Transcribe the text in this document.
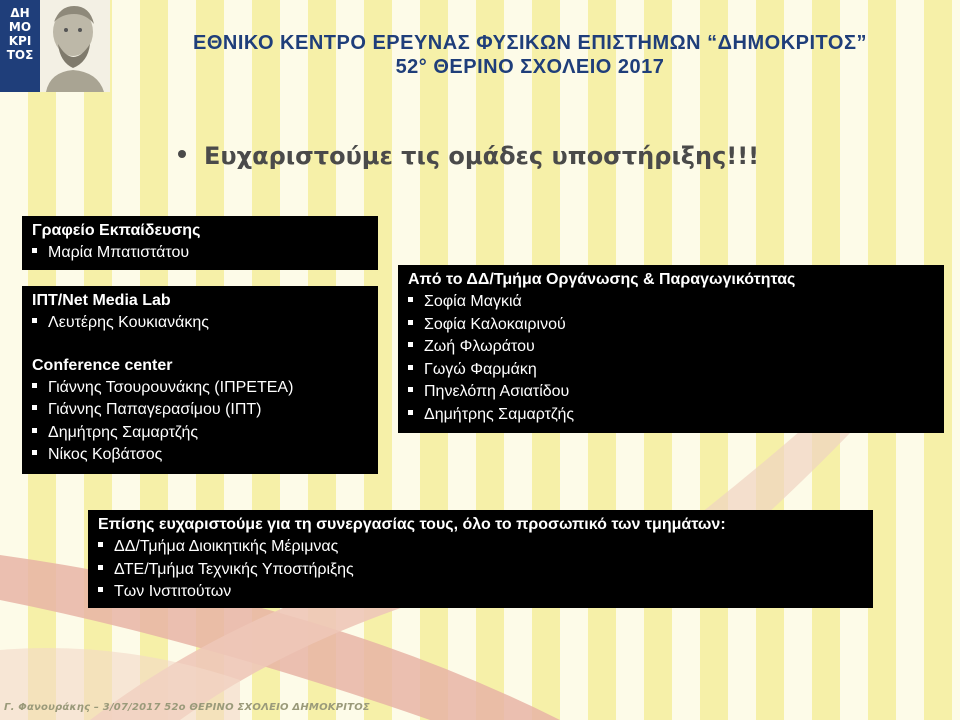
ΔΗ
ΜΟ
ΚΡΙ
ΤΟΣ
ΕΘΝΙΚΟ ΚΕΝΤΡΟ ΕΡΕΥΝΑΣ ΦΥΣΙΚΩΝ ΕΠΙΣΤΗΜΩΝ “ΔΗΜΟΚΡΙΤΟΣ”
52° ΘΕΡΙΝΟ ΣΧΟΛΕΙΟ 2017
Ευχαριστούμε τις ομάδες υποστήριξης!!!
Γραφείο Εκπαίδευσης
Μαρία Μπατιστάτου
ΙΠΤ/Net Media Lab
Λευτέρης Κουκιανάκης
Conference center
Γιάννης Τσουρουνάκης (ΙΠΡΕΤΕΑ)
Γιάννης Παπαγερασίμου (ΙΠΤ)
Δημήτρης Σαμαρτζής
Νίκος Κοβάτσος
Από το ΔΔ/Τμήμα Οργάνωσης & Παραγωγικότητας
Σοφία Μαγκιά
Σοφία Καλοκαιρινού
Ζωή Φλωράτου
Γωγώ Φαρμάκη
Πηνελόπη Ασιατίδου
Δημήτρης Σαμαρτζής
Επίσης ευχαριστούμε για τη συνεργασίας τους, όλο το προσωπικό των τμημάτων:
ΔΔ/Τμήμα Διοικητικής Μέριμνας
ΔΤΕ/Τμήμα Τεχνικής Υποστήριξης
Των Ινστιτούτων
Γ. Φανουράκης – 3/07/2017 52ο ΘΕΡΙΝΟ ΣΧΟΛΕΙΟ ΔΗΜΟΚΡΙΤΟΣ
